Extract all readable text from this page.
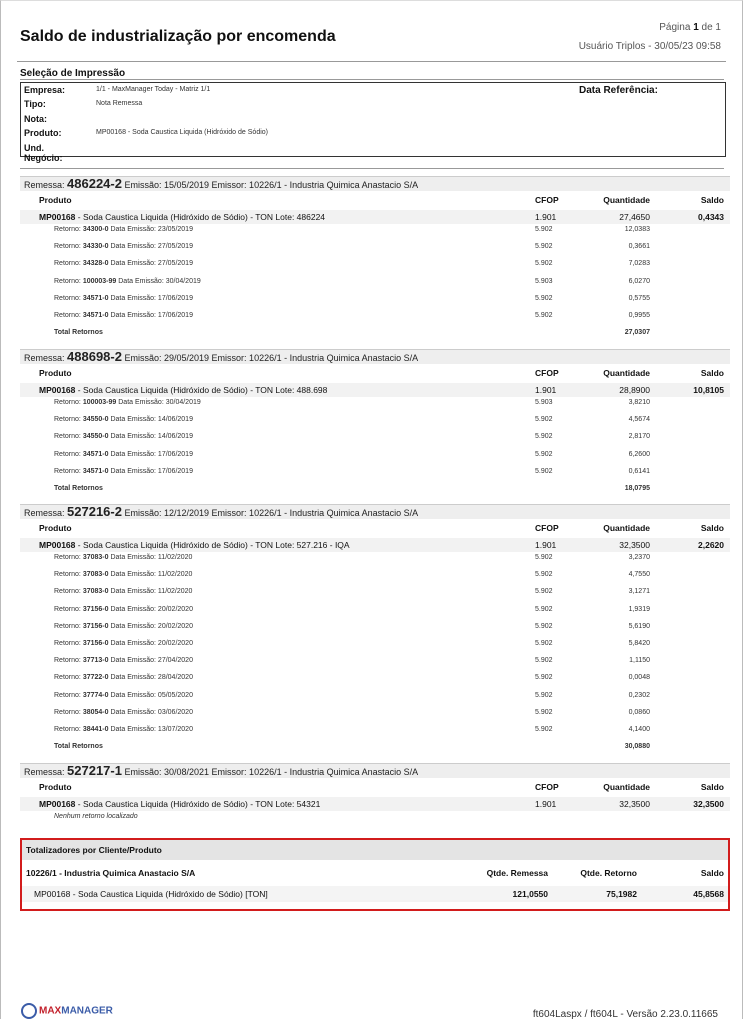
Saldo de industrialização por encomenda
Página 1 de 1
Usuário Triplos - 30/05/23 09:58
Seleção de Impressão
Empresa:	1/1 - MaxManager Today - Matriz 1/1
Tipo:	Nota Remessa
Nota:
Produto:	MP00168 - Soda Caustica Liquida (Hidróxido de Sódio)
Und. Negócio:
Data Referência:
Remessa: 486224-2 Emissão: 15/05/2019 Emissor: 10226/1 - Industria Quimica Anastacio S/A
Produto	CFOP	Quantidade	Saldo
MP00168 - Soda Caustica Liquida (Hidróxido de Sódio) - TON Lote: 486224	1.901	27,4650	0,4343
Retorno: 34300-0 Data Emissão: 23/05/2019	5.902	12,0383
Retorno: 34330-0 Data Emissão: 27/05/2019	5.902	0,3661
Retorno: 34328-0 Data Emissão: 27/05/2019	5.902	7,0283
Retorno: 100003-99 Data Emissão: 30/04/2019	5.903	6,0270
Retorno: 34571-0 Data Emissão: 17/06/2019	5.902	0,5755
Retorno: 34571-0 Data Emissão: 17/06/2019	5.902	0,9955
Total Retornos	27,0307
Remessa: 488698-2 Emissão: 29/05/2019 Emissor: 10226/1 - Industria Quimica Anastacio S/A
Produto	CFOP	Quantidade	Saldo
MP00168 - Soda Caustica Liquida (Hidróxido de Sódio) - TON Lote: 488.698	1.901	28,8900	10,8105
Retorno: 100003-99 Data Emissão: 30/04/2019	5.903	3,8210
Retorno: 34550-0 Data Emissão: 14/06/2019	5.902	4,5674
Retorno: 34550-0 Data Emissão: 14/06/2019	5.902	2,8170
Retorno: 34571-0 Data Emissão: 17/06/2019	5.902	6,2600
Retorno: 34571-0 Data Emissão: 17/06/2019	5.902	0,6141
Total Retornos	18,0795
Remessa: 527216-2 Emissão: 12/12/2019 Emissor: 10226/1 - Industria Quimica Anastacio S/A
Produto	CFOP	Quantidade	Saldo
MP00168 - Soda Caustica Liquida (Hidróxido de Sódio) - TON Lote: 527.216 - IQA	1.901	32,3500	2,2620
Retorno: 37083-0 Data Emissão: 11/02/2020	5.902	3,2370
Retorno: 37083-0 Data Emissão: 11/02/2020	5.902	4,7550
Retorno: 37083-0 Data Emissão: 11/02/2020	5.902	3,1271
Retorno: 37156-0 Data Emissão: 20/02/2020	5.902	1,9319
Retorno: 37156-0 Data Emissão: 20/02/2020	5.902	5,6190
Retorno: 37156-0 Data Emissão: 20/02/2020	5.902	5,8420
Retorno: 37713-0 Data Emissão: 27/04/2020	5.902	1,1150
Retorno: 37722-0 Data Emissão: 28/04/2020	5.902	0,0048
Retorno: 37774-0 Data Emissão: 05/05/2020	5.902	0,2302
Retorno: 38054-0 Data Emissão: 03/06/2020	5.902	0,0860
Retorno: 38441-0 Data Emissão: 13/07/2020	5.902	4,1400
Total Retornos	30,0880
Remessa: 527217-1 Emissão: 30/08/2021 Emissor: 10226/1 - Industria Quimica Anastacio S/A
Produto	CFOP	Quantidade	Saldo
MP00168 - Soda Caustica Liquida (Hidróxido de Sódio) - TON Lote: 54321	1.901	32,3500	32,3500
Nenhum retorno localizado
Totalizadores por Cliente/Produto
10226/1 - Industria Quimica Anastacio S/A	Qtde. Remessa	Qtde. Retorno	Saldo
MP00168 - Soda Caustica Liquida (Hidróxido de Sódio) [TON]	121,0550	75,1982	45,8568
MAXMANAGER	ft604Laspx / ft604L - Versão 2.23.0.11665
